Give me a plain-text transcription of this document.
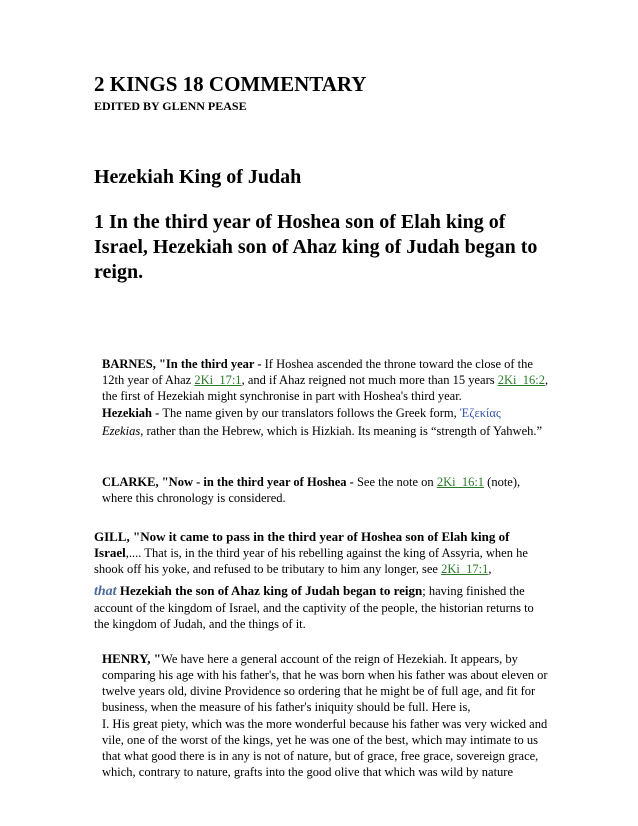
2 KINGS 18 COMMENTARY
EDITED BY GLENN PEASE
Hezekiah King of Judah

1 In the third year of Hoshea son of Elah king of Israel, Hezekiah son of Ahaz king of Judah began to reign.

BARNES, "In the third year - If Hoshea ascended the throne toward the close of the 12th year of Ahaz 2Ki_17:1, and if Ahaz reigned not much more than 15 years 2Ki_16:2, the first of Hezekiah might synchronise in part with Hoshea's third year.

Hezekiah - The name given by our translators follows the Greek form, Ἐζεκίας
Ezekias, rather than the Hebrew, which is Hizkiah. Its meaning is “strength of Yahweh.”

CLARKE, "Now - in the third year of Hoshea - See the note on 2Ki_16:1 (note), where this chronology is considered.

GILL, "Now it came to pass in the third year of Hoshea son of Elah king of Israel,.... That is, in the third year of his rebelling against the king of Assyria, when he shook off his yoke, and refused to be tributary to him any longer, see 2Ki_17:1,

that Hezekiah the son of Ahaz king of Judah began to reign; having finished the account of the kingdom of Israel, and the captivity of the people, the historian returns to the kingdom of Judah, and the things of it.

HENRY, "We have here a general account of the reign of Hezekiah. It appears, by comparing his age with his father's, that he was born when his father was about eleven or twelve years old, divine Providence so ordering that he might be of full age, and fit for business, when the measure of his father's iniquity should be full. Here is,

I. His great piety, which was the more wonderful because his father was very wicked and vile, one of the worst of the kings, yet he was one of the best, which may intimate to us that what good there is in any is not of nature, but of grace, free grace, sovereign grace, which, contrary to nature, grafts into the good olive that which was wild by nature
